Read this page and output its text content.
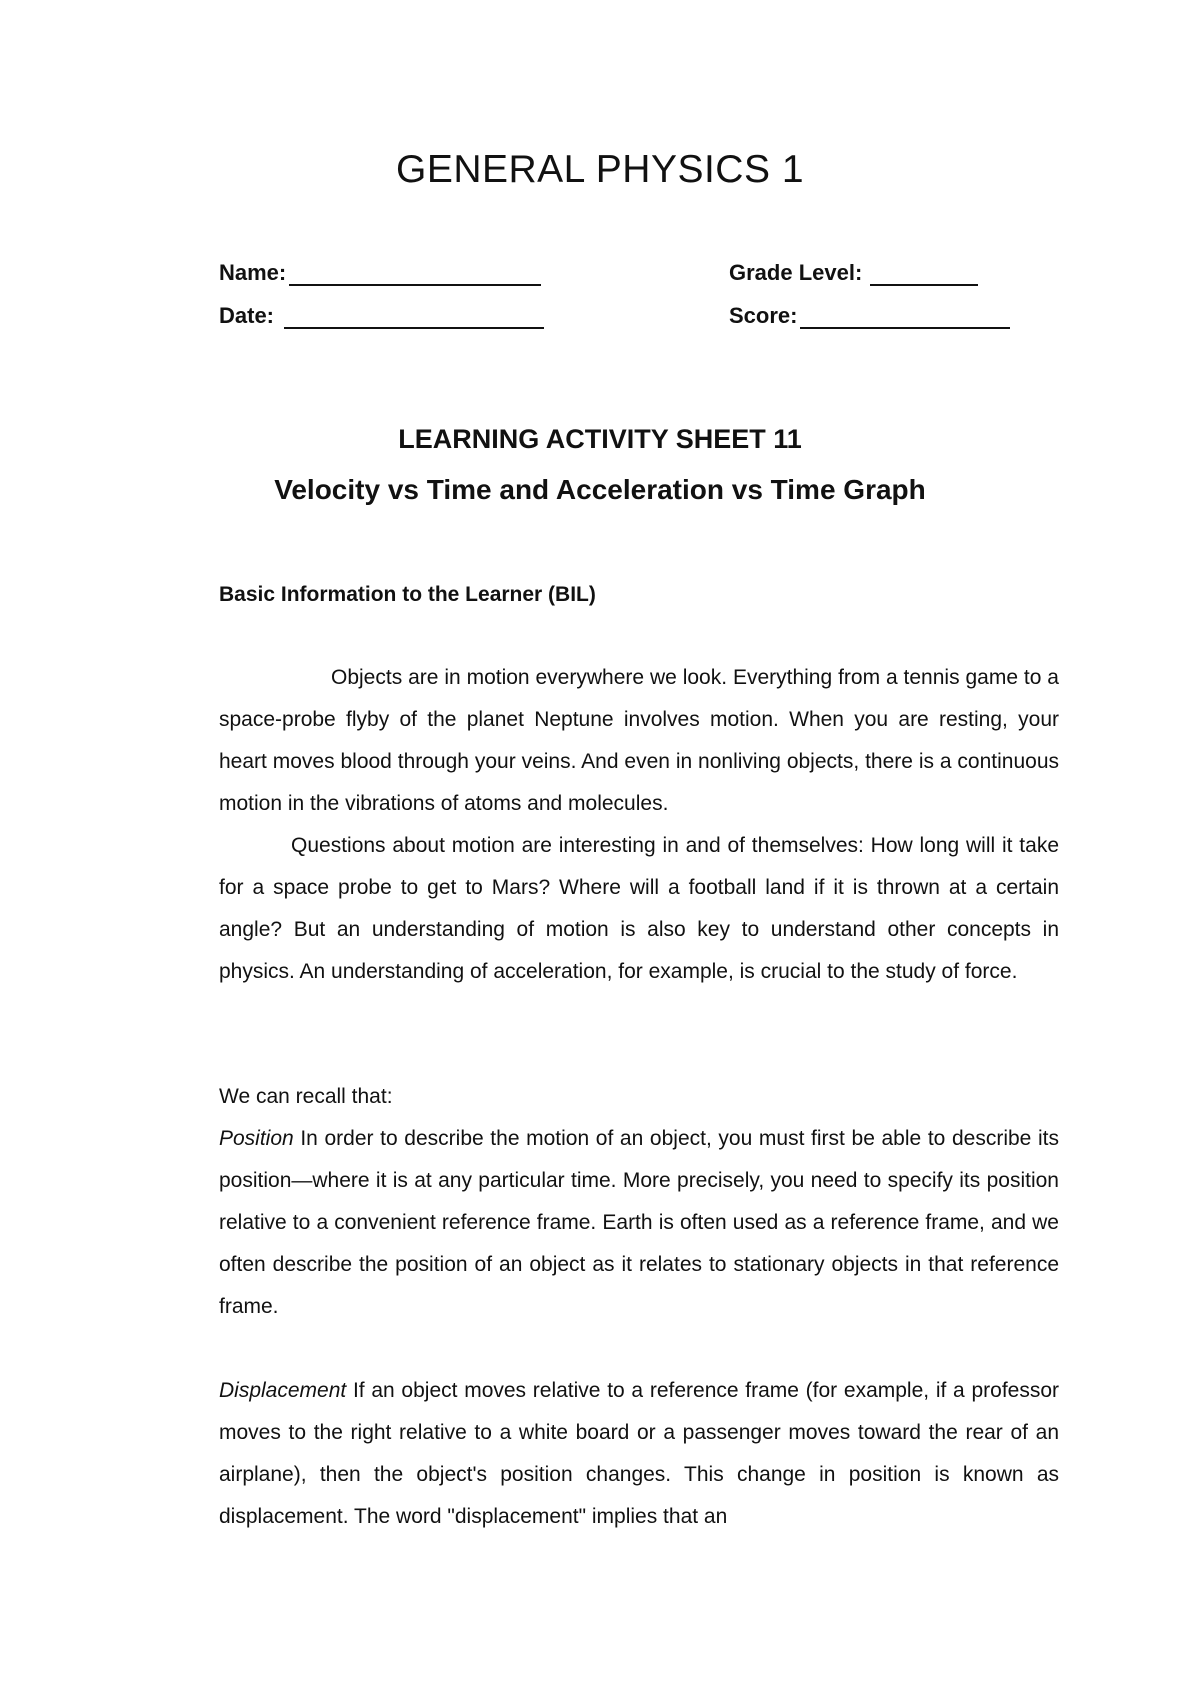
GENERAL PHYSICS 1
Name:	Grade Level:
Date:	Score:
LEARNING ACTIVITY SHEET 11
Velocity vs Time and Acceleration vs Time Graph
Basic Information to the Learner (BIL)

Objects are in motion everywhere we look. Everything from a tennis game to a space-probe flyby of the planet Neptune involves motion. When you are resting, your heart moves blood through your veins. And even in nonliving objects, there is a continuous motion in the vibrations of atoms and molecules.

Questions about motion are interesting in and of themselves: How long will it take for a space probe to get to Mars? Where will a football land if it is thrown at a certain angle? But an understanding of motion is also key to understand other concepts in physics. An understanding of acceleration, for example, is crucial to the study of force.

We can recall that:

Position In order to describe the motion of an object, you must first be able to describe its position—where it is at any particular time. More precisely, you need to specify its position relative to a convenient reference frame. Earth is often used as a reference frame, and we often describe the position of an object as it relates to stationary objects in that reference frame.

Displacement If an object moves relative to a reference frame (for example, if a professor moves to the right relative to a white board or a passenger moves toward the rear of an airplane), then the object's position changes. This change in position is known as displacement. The word "displacement" implies that an
